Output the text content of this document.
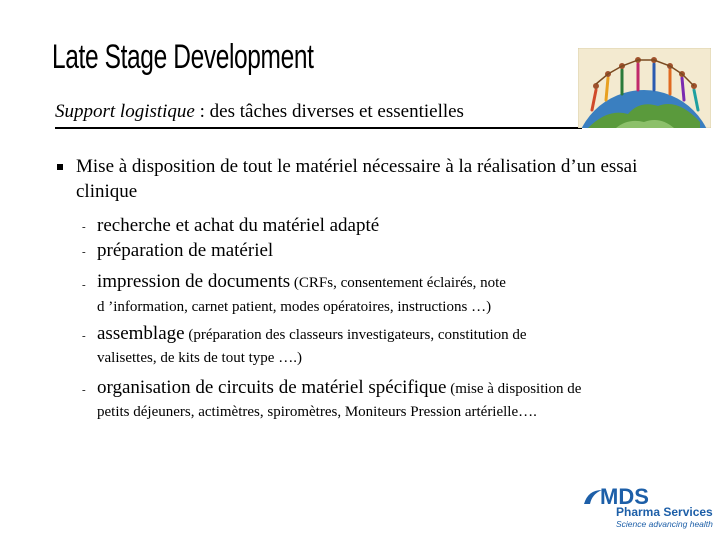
Late Stage Development
Support logistique : des tâches diverses et essentielles
Mise à disposition de tout le matériel nécessaire à la réalisation d’un essai clinique
- recherche et achat du matériel adapté
- préparation de matériel
- impression de documents (CRFs, consentement éclairés, note
d ’information, carnet patient, modes opératoires, instructions …)
- assemblage (préparation des classeurs investigateurs, constitution de
valisettes, de kits de tout type ….)
- organisation de circuits de matériel spécifique (mise à disposition de
petits déjeuners, actimètres, spiromètres, Moniteurs Pression artérielle….
MDS
Pharma Services
Science advancing health
